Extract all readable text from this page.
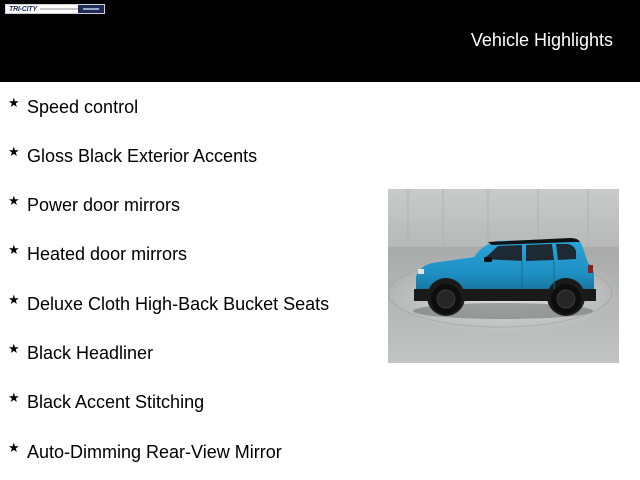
TRI-CITY
Vehicle Highlights
★ Speed control
★ Gloss Black Exterior Accents
★ Power door mirrors
★ Heated door mirrors
★ Deluxe Cloth High-Back Bucket Seats
★ Black Headliner
★ Black Accent Stitching
★ Auto-Dimming Rear-View Mirror
